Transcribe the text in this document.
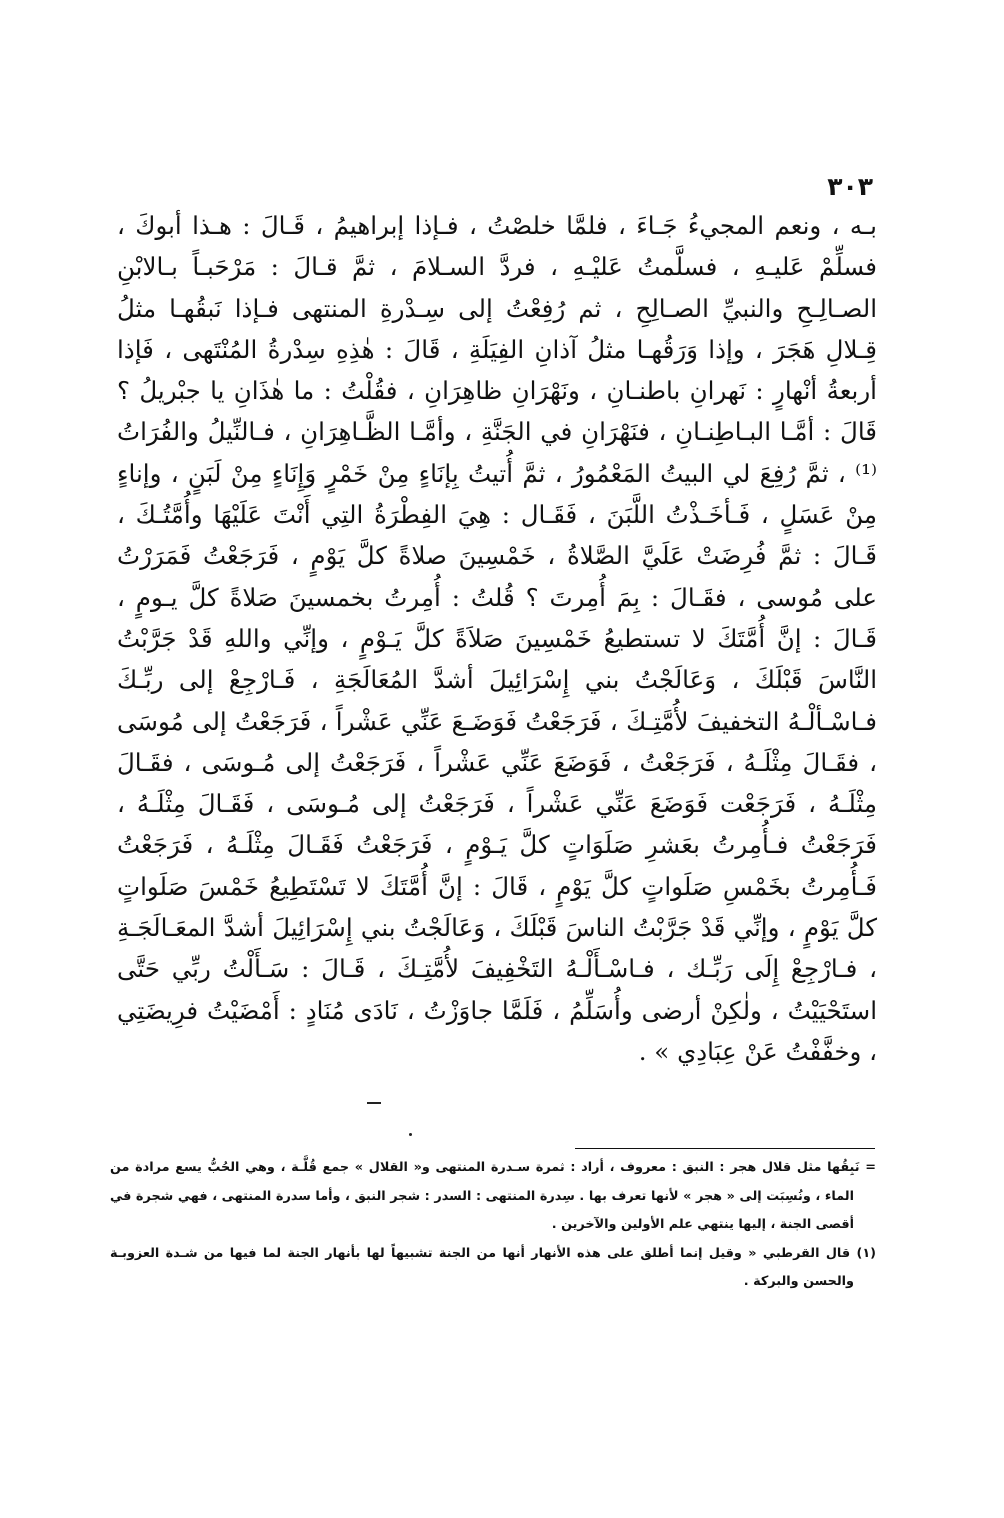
٣٠٣

بـه ، ونعم المجيءُ جَـاءَ ، فلمَّا خلصْتُ ، فـإذا إبراهيمُ ، قَـالَ : هـذا أبوكَ ، فسلِّمْ عَليـهِ ، فسلَّمتُ عَليْـهِ ، فردَّ السـلامَ ، ثمَّ قـالَ : مَرْحَبـاً بـالابْنِ الصـالِـحِ والنبيِّ الصـالِحِ ، ثم رُفِعْتُ إلى سِـدْرةِ المنتهى فـإذا نَبقُهـا مثلُ قِـلالِ هَجَرَ ، وإذا وَرَقُهـا مثلُ آذانِ الفِيَلَةِ ، قَالَ : هٰذِهِ سِدْرةُ المُنْتَهى ، فَإذا أربعةُ أنْهارٍ : نَهرانِ باطنـانِ ، ونَهْرَانِ ظاهِرَانِ ، فقُلْتُ : ما هٰذَانِ يا جبْريلُ ؟ قَالَ : أمَّـا البـاطِنـانِ ، فنَهْرَانِ في الجَنَّةِ ، وأمَّـا الظَّـاهِرَانِ ، فـالنِّيلُ والفُرَاتُ ⁽¹⁾ ، ثمَّ رُفِعَ لي البيتُ المَعْمُورُ ، ثمَّ أُتيتُ بِإنَاءٍ مِنْ خَمْرٍ وَإِنَاءٍ مِنْ لَبَنٍ ، وإناءٍ مِنْ عَسَلٍ ، فَـأخَـذْتُ اللَّبَنَ ، فَقَـال : هِيَ الفِطْرَةُ التِي أَنْتَ عَلَيْهَا وأُمَّتُـكَ ، قَـالَ : ثمَّ فُرِضَتْ عَلَيَّ الصَّلاةُ ، خَمْسِينَ صلاةً كلَّ يَوْمٍ ، فَرَجَعْتُ فَمَرَرْتُ على مُوسى ، فقَـالَ : بِمَ أُمِرتَ ؟ قُلتُ : أُمِرتُ بخمسينَ صَلاةً كلَّ يـومٍ ، قَـالَ : إنَّ أُمَّتَكَ لا تستطيعُ خَمْسِينَ صَلاَةً كلَّ يَـوْمٍ ، وإنِّي واللهِ قَدْ جَرَّبْتُ النَّاسَ قَبْلَكَ ، وَعَالَجْتُ بني إِسْرَائِيلَ أشدَّ المُعَالَجَةِ ، فَـارْجِعْ إلى ربِّـكَ فـاسْـألْـهُ التخفيفَ لأُمَّتِـكَ ، فَرَجَعْتُ فَوَضَـعَ عَنِّي عَشْراً ، فَرَجَعْتُ إلى مُوسَى ، فقَـالَ مِثْلَـهُ ، فَرَجَعْتُ ، فَوَضَعَ عَنِّي عَشْراً ، فَرَجَعْتُ إلى مُـوسَى ، فقَـالَ مِثْلَـهُ ، فَرَجَعْت فَوَضَعَ عَنِّي عَشْراً ، فَرَجَعْتُ إلى مُـوسَى ، فَقَـالَ مِثْلَـهُ ، فَرَجَعْتُ فـأُمِرتُ بعَشرِ صَلَوَاتٍ كلَّ يَـوْمٍ ، فَرَجَعْتُ فَقَـالَ مِثْلَـهُ ، فَرَجَعْتُ فَـأُمِرتُ بخَمْسِ صَلَواتٍ كلَّ يَوْمٍ ، قَالَ : إنَّ أُمَّتَكَ لا تَسْتَطِيعُ خَمْسَ صَلَواتٍ كلَّ يَوْمٍ ، وإنِّي قَدْ جَرَّبْتُ الناسَ قَبْلَكَ ، وَعَالَجْتُ بني إِسْرَائِيلَ أشدَّ المعَـالَجَـةِ ، فـارْجِعْ إِلَى رَبِّـك ، فـاسْـأَلْـهُ التَخْفِيفَ لأُمَّتِـكَ ، قَـالَ : سَـأَلْتُ ربِّي حَتَّى استَحْيَيْتُ ، ولٰكِنْ أرضى وأُسَلِّمُ ، فَلَمَّا جاوَزْتُ ، نَادَى مُنَادٍ : أَمْضَيْتُ فرِيضَتِي ، وخفَّفْتُ عَنْ عِبَادِي » .

= نَبِقُها مثل قلال هجر : النبق : معروف ، أراد : ثمرة سـدرة المنتهى و« القلال » جمع قُلَّـة ، وهي الحُبُّ يسع مرادة من الماء ، ونُسِبَت إلى « هجر » لأنها تعرف بها . سِدرة المنتهى : السدر : شجر النبق ، وأما سدرة المنتهى ، فهي شجرة في أقصى الجنة ، إليها ينتهي علم الأولين والآخرين .

(١) قال القرطبي « وقيل إنما أطلق على هذه الأنهار أنها من الجنة تشبيهاً لها بأنهار الجنة لما فيها من شـدة العزوبـة والحسن والبركة .
